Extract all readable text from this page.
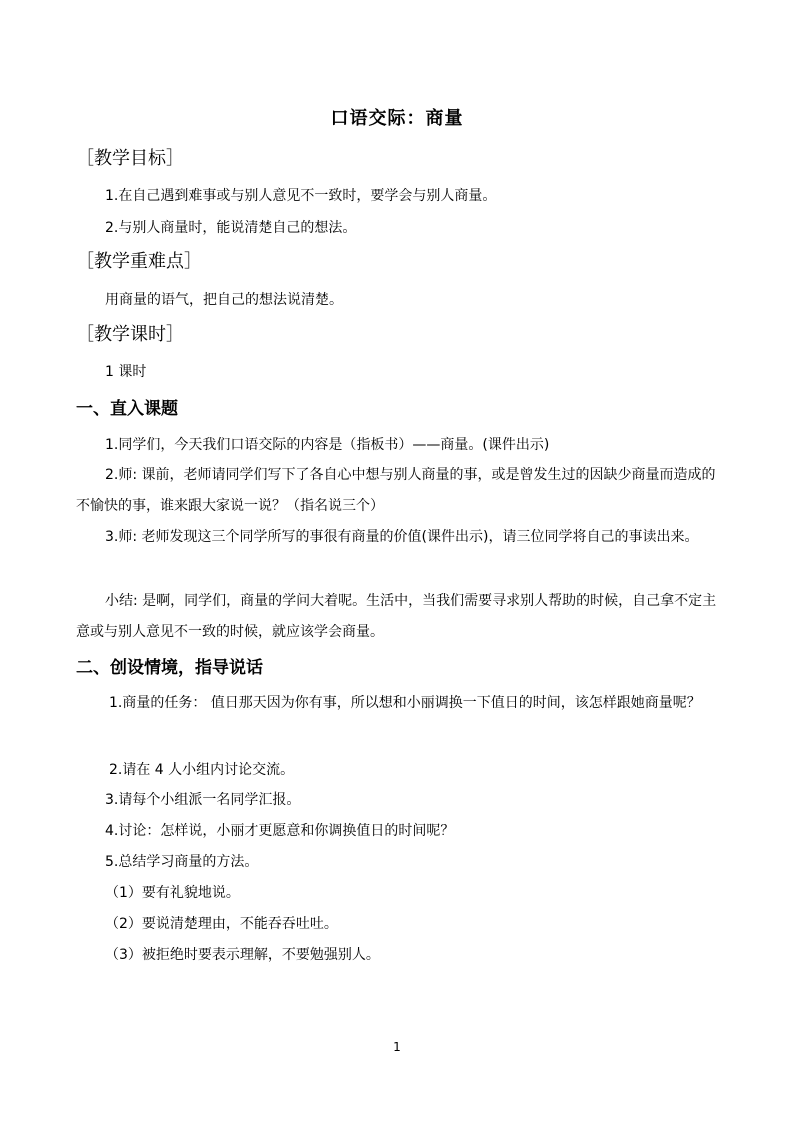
口语交际：商量
［教学目标］
1.在自己遇到难事或与别人意见不一致时，要学会与别人商量。
2.与别人商量时，能说清楚自己的想法。
［教学重难点］
用商量的语气，把自己的想法说清楚。
［教学课时］
1 课时
一、直入课题
1.同学们，今天我们口语交际的内容是（指板书）——商量。(课件出示)
2.师: 课前，老师请同学们写下了各自心中想与别人商量的事，或是曾发生过的因缺少商量而造成的不愉快的事，谁来跟大家说一说？（指名说三个）
3.师: 老师发现这三个同学所写的事很有商量的价值(课件出示)，请三位同学将自己的事读出来。
小结: 是啊，同学们，商量的学问大着呢。生活中，当我们需要寻求别人帮助的时候，自己拿不定主意或与别人意见不一致的时候，就应该学会商量。
二、创设情境，指导说话
1.商量的任务： 值日那天因为你有事，所以想和小丽调换一下值日的时间，该怎样跟她商量呢？
2.请在 4 人小组内讨论交流。
3.请每个小组派一名同学汇报。
4.讨论：怎样说，小丽才更愿意和你调换值日的时间呢？
5.总结学习商量的方法。
（1）要有礼貌地说。
（2）要说清楚理由，不能吞吞吐吐。
（3）被拒绝时要表示理解，不要勉强别人。
1
